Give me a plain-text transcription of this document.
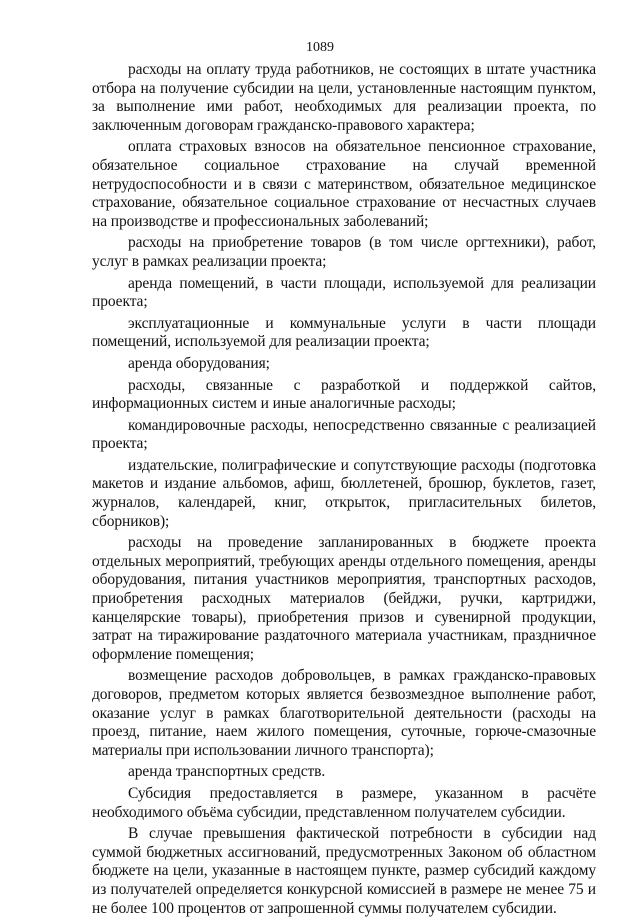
1089

расходы на оплату труда работников, не состоящих в штате участника отбора на получение субсидии на цели, установленные настоящим пунктом, за выполнение ими работ, необходимых для реализации проекта, по заключенным договорам гражданско-правового характера;

оплата страховых взносов на обязательное пенсионное страхование, обязательное социальное страхование на случай временной нетрудоспособности и в связи с материнством, обязательное медицинское страхование, обязательное социальное страхование от несчастных случаев на производстве и профессиональных заболеваний;

расходы на приобретение товаров (в том числе оргтехники), работ, услуг в рамках реализации проекта;

аренда помещений, в части площади, используемой для реализации проекта;

эксплуатационные и коммунальные услуги в части площади помещений, используемой для реализации проекта;

аренда оборудования;

расходы, связанные с разработкой и поддержкой сайтов, информационных систем и иные аналогичные расходы;

командировочные расходы, непосредственно связанные с реализацией проекта;

издательские, полиграфические и сопутствующие расходы (подготовка макетов и издание альбомов, афиш, бюллетеней, брошюр, буклетов, газет, журналов, календарей, книг, открыток, пригласительных билетов, сборников);

расходы на проведение запланированных в бюджете проекта отдельных мероприятий, требующих аренды отдельного помещения, аренды оборудования, питания участников мероприятия, транспортных расходов, приобретения расходных материалов (бейджи, ручки, картриджи, канцелярские товары), приобретения призов и сувенирной продукции, затрат на тиражирование раздаточного материала участникам, праздничное оформление помещения;

возмещение расходов добровольцев, в рамках гражданско-правовых договоров, предметом которых является безвозмездное выполнение работ, оказание услуг в рамках благотворительной деятельности (расходы на проезд, питание, наем жилого помещения, суточные, горюче-смазочные материалы при использовании личного транспорта);

аренда транспортных средств.

Субсидия предоставляется в размере, указанном в расчёте необходимого объёма субсидии, представленном получателем субсидии.

В случае превышения фактической потребности в субсидии над суммой бюджетных ассигнований, предусмотренных Законом об областном бюджете на цели, указанные в настоящем пункте, размер субсидий каждому из получателей определяется конкурсной комиссией в размере не менее 75 и не более 100 процентов от запрошенной суммы получателем субсидии.
